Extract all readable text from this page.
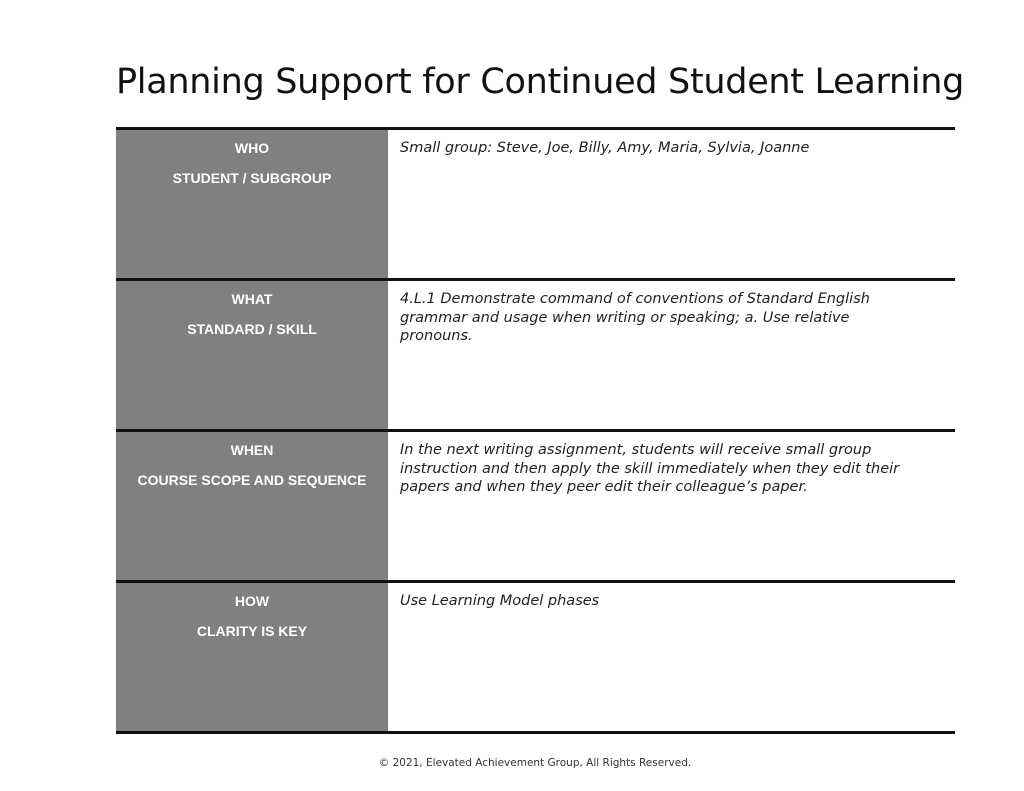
Planning Support for Continued Student Learning
WHO
STUDENT / SUBGROUP
Small group: Steve, Joe, Billy, Amy, Maria, Sylvia, Joanne
WHAT
STANDARD / SKILL
4.L.1 Demonstrate command of conventions of Standard English grammar and usage when writing or speaking; a. Use relative pronouns.
WHEN
COURSE SCOPE AND SEQUENCE
In the next writing assignment, students will receive small group instruction and then apply the skill immediately when they edit their papers and when they peer edit their colleague’s paper.
HOW
CLARITY IS KEY
Use Learning Model phases
© 2021, Elevated Achievement Group, All Rights Reserved.
